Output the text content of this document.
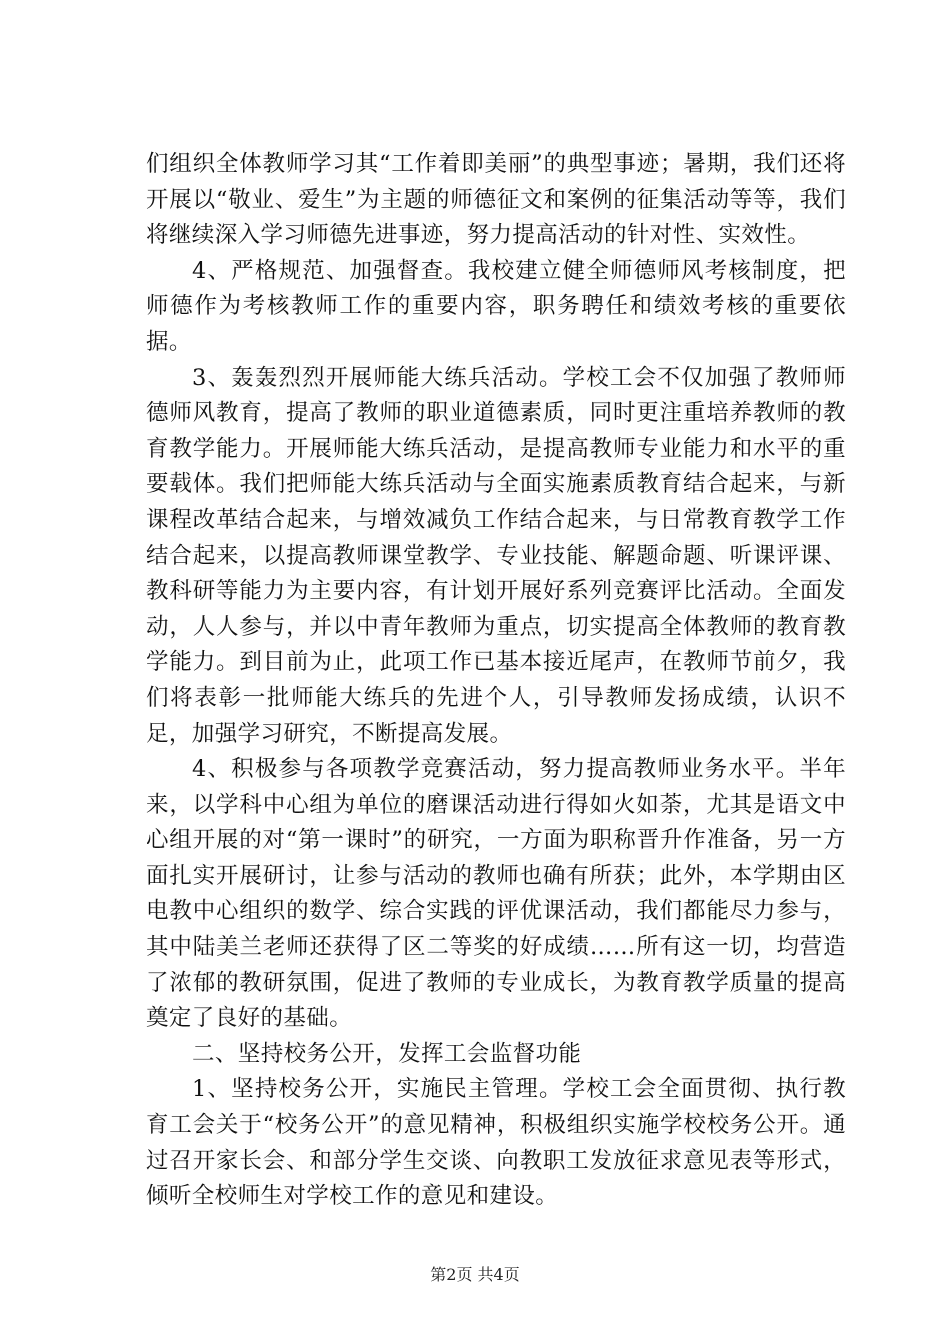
们组织全体教师学习其“工作着即美丽”的典型事迹；暑期，我们还将开展以“敬业、爱生”为主题的师德征文和案例的征集活动等等，我们将继续深入学习师德先进事迹，努力提高活动的针对性、实效性。

4、严格规范、加强督查。我校建立健全师德师风考核制度，把师德作为考核教师工作的重要内容，职务聘任和绩效考核的重要依据。

3、轰轰烈烈开展师能大练兵活动。学校工会不仅加强了教师师德师风教育，提高了教师的职业道德素质，同时更注重培养教师的教育教学能力。开展师能大练兵活动，是提高教师专业能力和水平的重要载体。我们把师能大练兵活动与全面实施素质教育结合起来，与新课程改革结合起来，与增效减负工作结合起来，与日常教育教学工作结合起来，以提高教师课堂教学、专业技能、解题命题、听课评课、教科研等能力为主要内容，有计划开展好系列竞赛评比活动。全面发动，人人参与，并以中青年教师为重点，切实提高全体教师的教育教学能力。到目前为止，此项工作已基本接近尾声，在教师节前夕，我们将表彰一批师能大练兵的先进个人，引导教师发扬成绩，认识不足，加强学习研究，不断提高发展。

4、积极参与各项教学竞赛活动，努力提高教师业务水平。半年来，以学科中心组为单位的磨课活动进行得如火如荼，尤其是语文中心组开展的对“第一课时”的研究，一方面为职称晋升作准备，另一方面扎实开展研讨，让参与活动的教师也确有所获；此外，本学期由区电教中心组织的数学、综合实践的评优课活动，我们都能尽力参与，其中陆美兰老师还获得了区二等奖的好成绩……所有这一切，均营造了浓郁的教研氛围，促进了教师的专业成长，为教育教学质量的提高奠定了良好的基础。

二、坚持校务公开，发挥工会监督功能

1、坚持校务公开，实施民主管理。学校工会全面贯彻、执行教育工会关于“校务公开”的意见精神，积极组织实施学校校务公开。通过召开家长会、和部分学生交谈、向教职工发放征求意见表等形式，倾听全校师生对学校工作的意见和建设。

第2页 共4页
